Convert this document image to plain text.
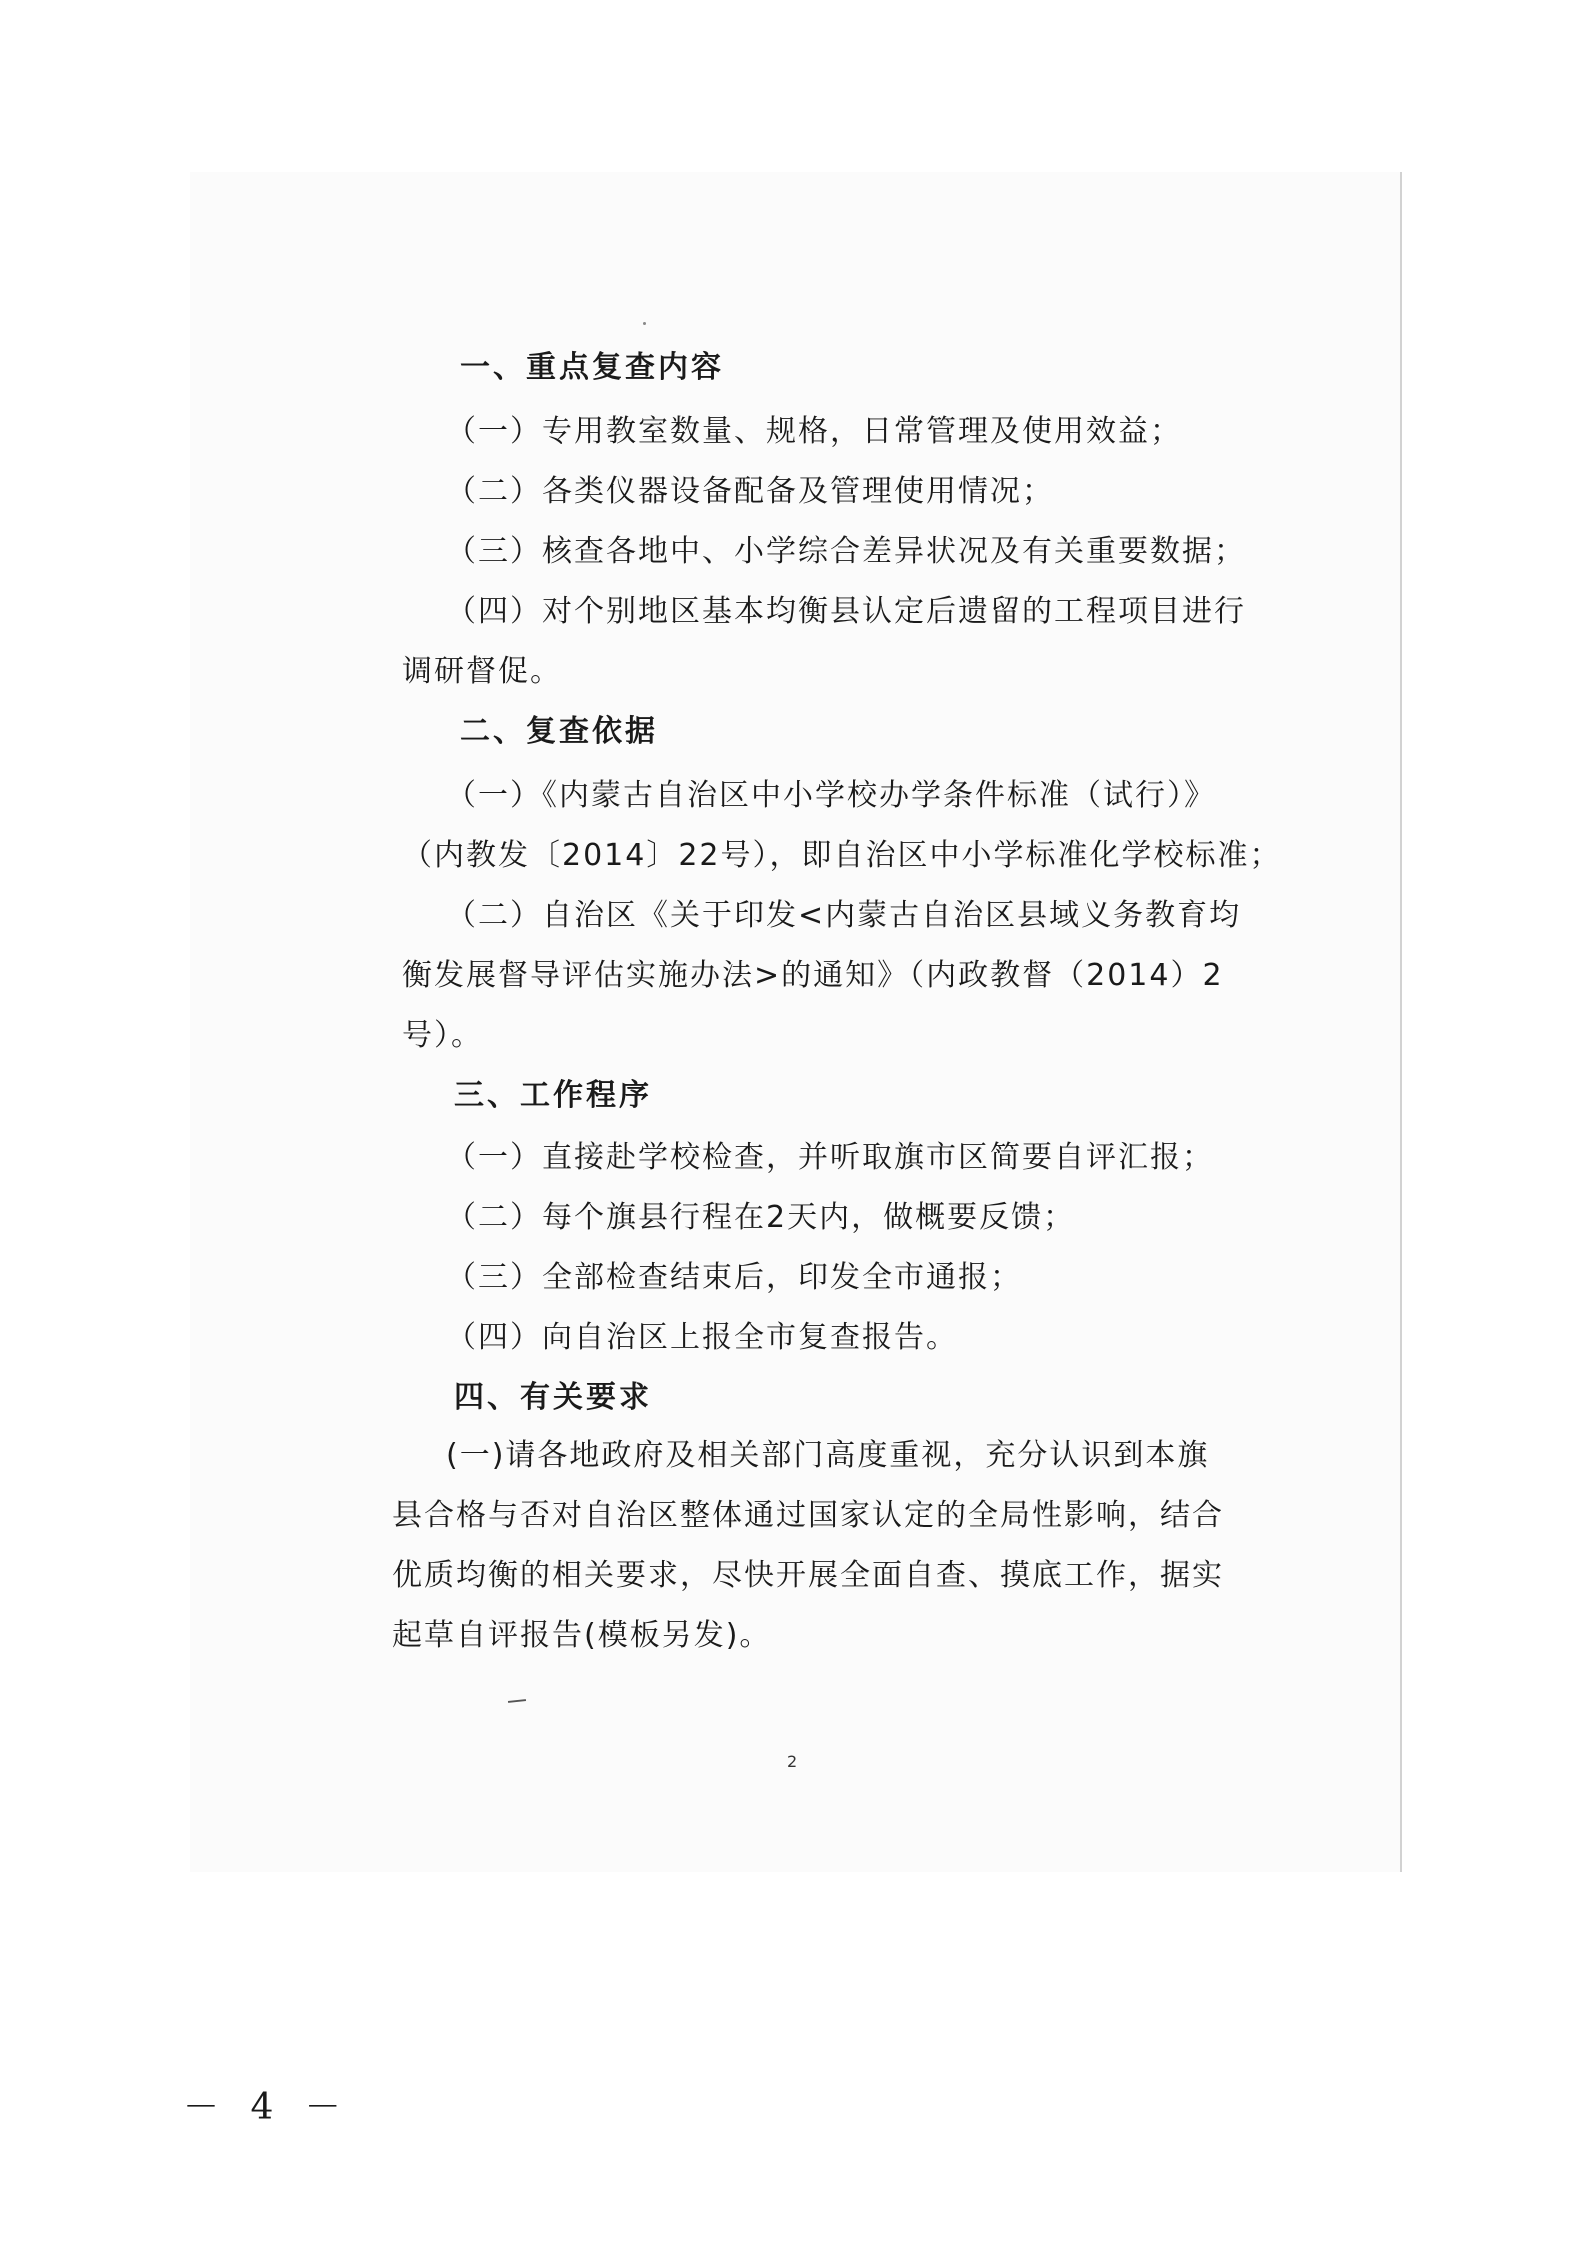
一、重点复查内容
（一）专用教室数量、规格，日常管理及使用效益；
（二）各类仪器设备配备及管理使用情况；
（三）核查各地中、小学综合差异状况及有关重要数据；
（四）对个别地区基本均衡县认定后遗留的工程项目进行
调研督促。
二、复查依据
（一）《内蒙古自治区中小学校办学条件标准（试行）》
（内教发〔2014〕22号），即自治区中小学标准化学校标准；
（二）自治区《关于印发<内蒙古自治区县域义务教育均
衡发展督导评估实施办法>的通知》（内政教督（2014）2
号）。
三、工作程序
（一）直接赴学校检查，并听取旗市区简要自评汇报；
（二）每个旗县行程在2天内，做概要反馈；
（三）全部检查结束后，印发全市通报；
（四）向自治区上报全市复查报告。
四、有关要求
(一)请各地政府及相关部门高度重视，充分认识到本旗
县合格与否对自治区整体通过国家认定的全局性影响，结合
优质均衡的相关要求，尽快开展全面自查、摸底工作，据实
起草自评报告(模板另发)。
2
－ 4 －
